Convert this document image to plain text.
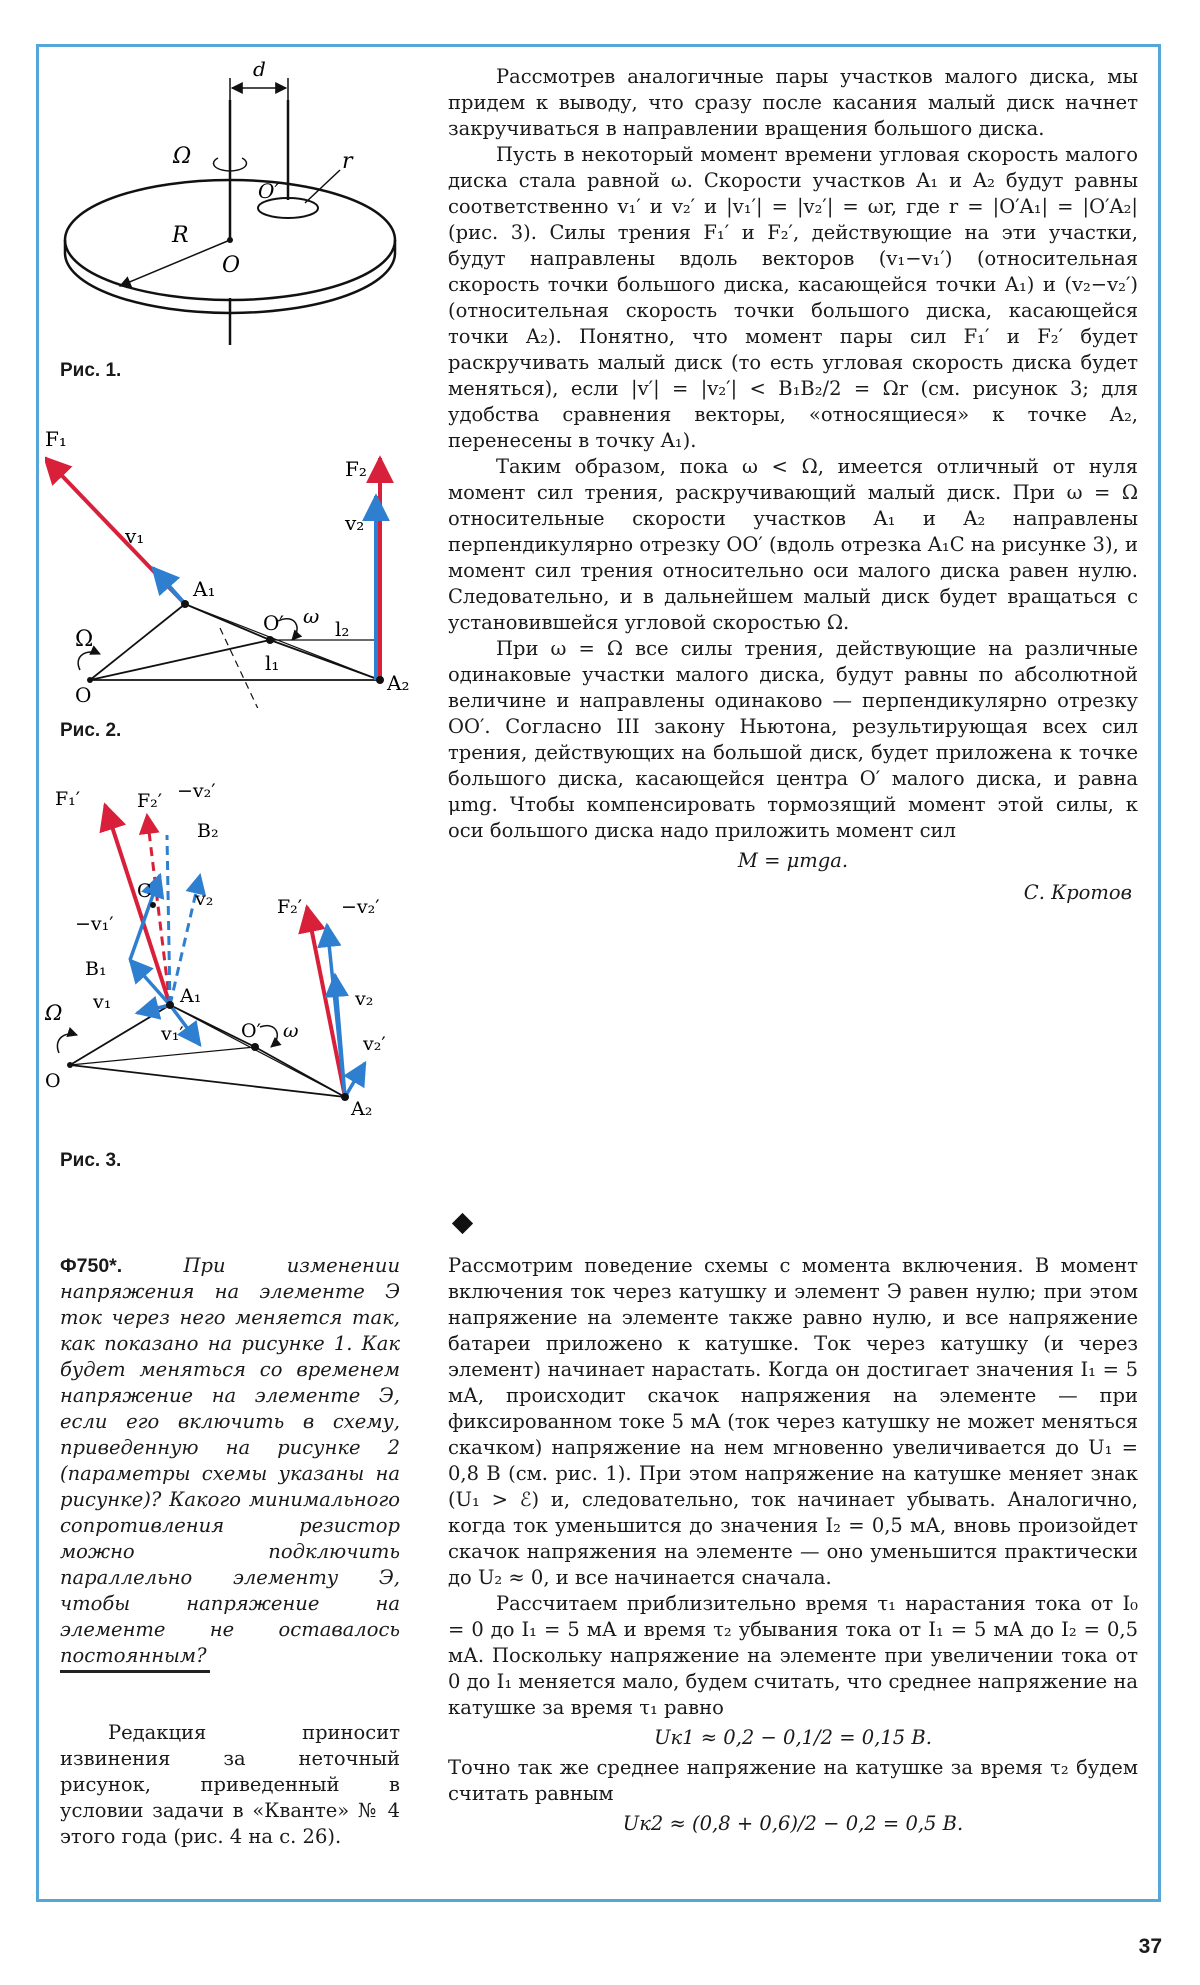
d
Ω	r
O′
R
O
Рис. 1.
F₁
F₂
v₂
v₁
A₁
O′ ω
l₂
l₁
Ω
O	A₂
Рис. 2.
F₁′	F₂′ −v₂′
B₂
C v₂
−v₁′
B₁
v₁	A₁
v₁′
Ω
O′ ω
O
F₂′ −v₂′
v₂
v₂′
A₂
Рис. 3.

Рассмотрев аналогичные пары участков малого диска, мы придем к выводу, что сразу после касания малый диск начнет закручиваться в направлении вращения большого диска.

Пусть в некоторый момент времени угловая скорость малого диска стала равной ω. Скорости участков A₁ и A₂ будут равны соответственно v₁′ и v₂′ и |v₁′| = |v₂′| = ωr, где r = |O′A₁| = |O′A₂| (рис. 3). Силы трения F₁′ и F₂′, действующие на эти участки, будут направлены вдоль векторов (v₁−v₁′) (относительная скорость точки большого диска, касающейся точки A₁) и (v₂−v₂′) (относительная скорость точки большого диска, касающейся точки A₂). Понятно, что момент пары сил F₁′ и F₂′ будет раскручивать малый диск (то есть угловая скорость диска будет меняться), если |v′| = |v₂′| < B₁B₂/2 = Ωr (см. рисунок 3; для удобства сравнения векторы, «относящиеся» к точке A₂, перенесены в точку A₁).

Таким образом, пока ω < Ω, имеется отличный от нуля момент сил трения, раскручивающий малый диск. При ω = Ω относительные скорости участков A₁ и A₂ направлены перпендикулярно отрезку OO′ (вдоль отрезка A₁C на рисунке 3), и момент сил трения относительно оси малого диска равен нулю. Следовательно, и в дальнейшем малый диск будет вращаться с установившейся угловой скоростью Ω.

При ω = Ω все силы трения, действующие на различные одинаковые участки малого диска, будут равны по абсолютной величине и направлены одинаково — перпендикулярно отрезку OO′. Согласно III закону Ньютона, результирующая всех сил трения, действующих на большой диск, будет приложена к точке большого диска, касающейся центра O′ малого диска, и равна μmg. Чтобы компенсировать тормозящий момент этой силы, к оси большого диска надо приложить момент сил

M = μmga.
С. Кротов
Ф750*.	При изменении напряжения на элементе Э ток через него меняется так, как показано на рисунке 1. Как будет меняться со временем напряжение на элементе Э, если его включить в схему, приведенную на рисунке 2 (параметры схемы указаны на рисунке)? Какого минимального сопротивления резистор можно подключить параллельно элементу Э, чтобы напряжение на элементе не оставалось постоянным?

Редакция приносит извинения за неточный рисунок, приведенный в условии задачи в «Кванте» № 4 этого года (рис. 4 на с. 26).

Рассмотрим поведение схемы с момента включения. В момент включения ток через катушку и элемент Э равен нулю; при этом напряжение на элементе также равно нулю, и все напряжение батареи приложено к катушке. Ток через катушку (и через элемент) начинает нарастать. Когда он достигает значения I₁ = 5 мА, происходит скачок напряжения на элементе — при фиксированном токе 5 мА (ток через катушку не может меняться скачком) напряжение на нем мгновенно увеличивается до U₁ = 0,8 В (см. рис. 1). При этом напряжение на катушке меняет знак (U₁ > ℰ) и, следовательно, ток начинает убывать. Аналогично, когда ток уменьшится до значения I₂ = 0,5 мА, вновь произойдет скачок напряжения на элементе — оно уменьшится практически до U₂ ≈ 0, и все начинается сначала.

Рассчитаем приблизительно время τ₁ нарастания тока от I₀ = 0 до I₁ = 5 мА и время τ₂ убывания тока от I₁ = 5 мА до I₂ = 0,5 мА. Поскольку напряжение на элементе при увеличении тока от 0 до I₁ меняется мало, будем считать, что среднее напряжение на катушке за время τ₁ равно

Uк1 ≈ 0,2 − 0,1/2 = 0,15 В.

Точно так же среднее напряжение на катушке за время τ₂ будем считать равным

Uк2 ≈ (0,8 + 0,6)/2 − 0,2 = 0,5 В.
37
